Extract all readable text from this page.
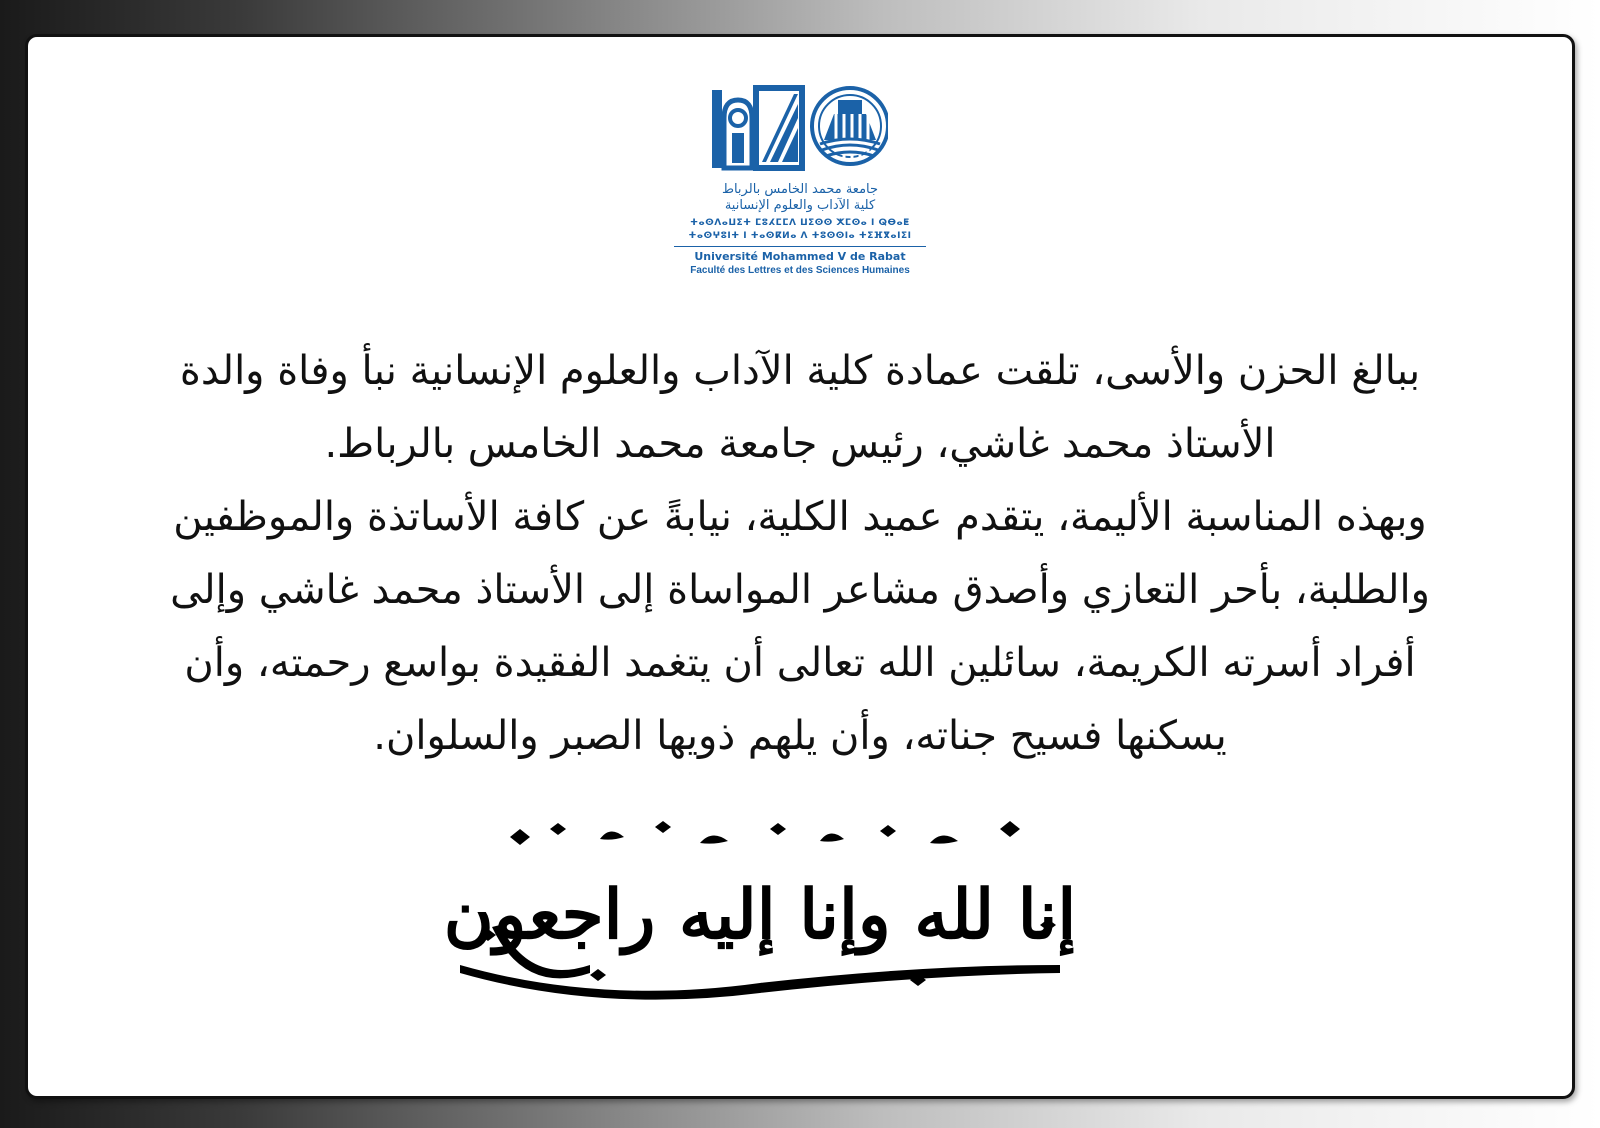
جامعة محمد الخامس بالرباط
كلية الآداب والعلوم الإنسانية
ⵜⴰⵙⴷⴰⵡⵉⵜ ⵎⵓⵃⵎⵎⴷ ⵡⵉⵙⵙ ⵅⵎⵙⴰ ⵏ ⵕⴱⴰⵟ
ⵜⴰⵙⵖⵓⵏⵜ ⵏ ⵜⴰⵙⴽⵍⴰ ⴷ ⵜⵓⵙⵙⵏⴰ ⵜⵉⴼⴳⴰⵏⵉⵏ
Université Mohammed V de Rabat
Faculté des Lettres et des Sciences Humaines

ببالغ الحزن والأسى، تلقت عمادة كلية الآداب والعلوم الإنسانية نبأ وفاة والدة

الأستاذ محمد غاشي، رئيس جامعة محمد الخامس بالرباط.

وبهذه المناسبة الأليمة، يتقدم عميد الكلية، نيابةً عن كافة الأساتذة والموظفين

والطلبة، بأحر التعازي وأصدق مشاعر المواساة إلى الأستاذ محمد غاشي وإلى

أفراد أسرته الكريمة، سائلين الله تعالى أن يتغمد الفقيدة بواسع رحمته، وأن

يسكنها فسيح جناته، وأن يلهم ذويها الصبر والسلوان.

إنا لله وإنا إليه راجعون
